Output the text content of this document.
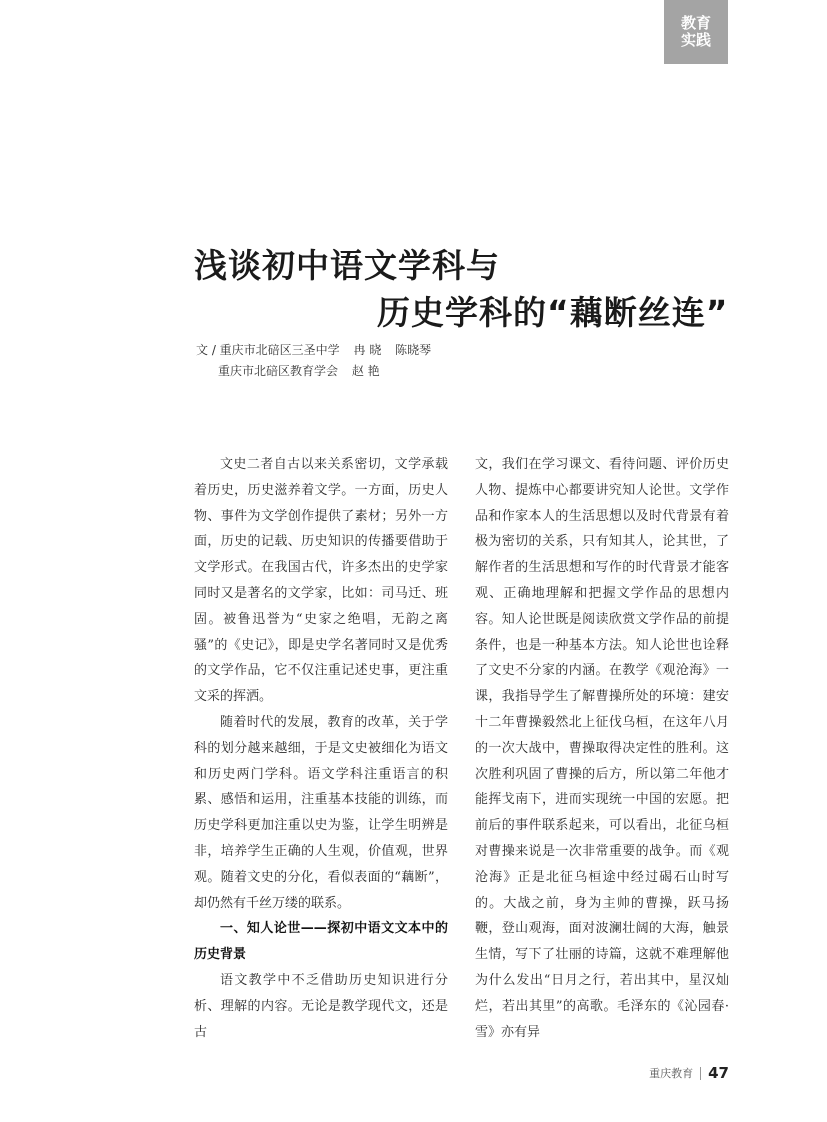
教育
实践
浅谈初中语文学科与
历史学科的“藕断丝连”
文 / 重庆市北碚区三圣中学 冉 晓 陈晓琴
重庆市北碚区教育学会 赵 艳

文史二者自古以来关系密切，文学承载着历史，历史滋养着文学。一方面，历史人物、事件为文学创作提供了素材；另外一方面，历史的记载、历史知识的传播要借助于文学形式。在我国古代，许多杰出的史学家同时又是著名的文学家，比如：司马迁、班固。被鲁迅誉为“史家之绝唱，无韵之离骚”的《史记》，即是史学名著同时又是优秀的文学作品，它不仅注重记述史事，更注重文采的挥洒。

随着时代的发展，教育的改革，关于学科的划分越来越细，于是文史被细化为语文和历史两门学科。语文学科注重语言的积累、感悟和运用，注重基本技能的训练，而历史学科更加注重以史为鉴，让学生明辨是非，培养学生正确的人生观，价值观，世界观。随着文史的分化，看似表面的“藕断”，却仍然有千丝万缕的联系。

一、知人论世——探初中语文文本中的历史背景

语文教学中不乏借助历史知识进行分析、理解的内容。无论是教学现代文，还是古

文，我们在学习课文、看待问题、评价历史人物、提炼中心都要讲究知人论世。文学作品和作家本人的生活思想以及时代背景有着极为密切的关系，只有知其人，论其世，了解作者的生活思想和写作的时代背景才能客观、正确地理解和把握文学作品的思想内容。知人论世既是阅读欣赏文学作品的前提条件，也是一种基本方法。知人论世也诠释了文史不分家的内涵。在教学《观沧海》一课，我指导学生了解曹操所处的环境：建安十二年曹操毅然北上征伐乌桓，在这年八月的一次大战中，曹操取得决定性的胜利。这次胜利巩固了曹操的后方，所以第二年他才能挥戈南下，进而实现统一中国的宏愿。把前后的事件联系起来，可以看出，北征乌桓对曹操来说是一次非常重要的战争。而《观沧海》正是北征乌桓途中经过碣石山时写的。大战之前，身为主帅的曹操，跃马扬鞭，登山观海，面对波澜壮阔的大海，触景生情，写下了壮丽的诗篇，这就不难理解他为什么发出“日月之行，若出其中，星汉灿烂，若出其里”的高歌。毛泽东的《沁园春·雪》亦有异

重庆教育 47
